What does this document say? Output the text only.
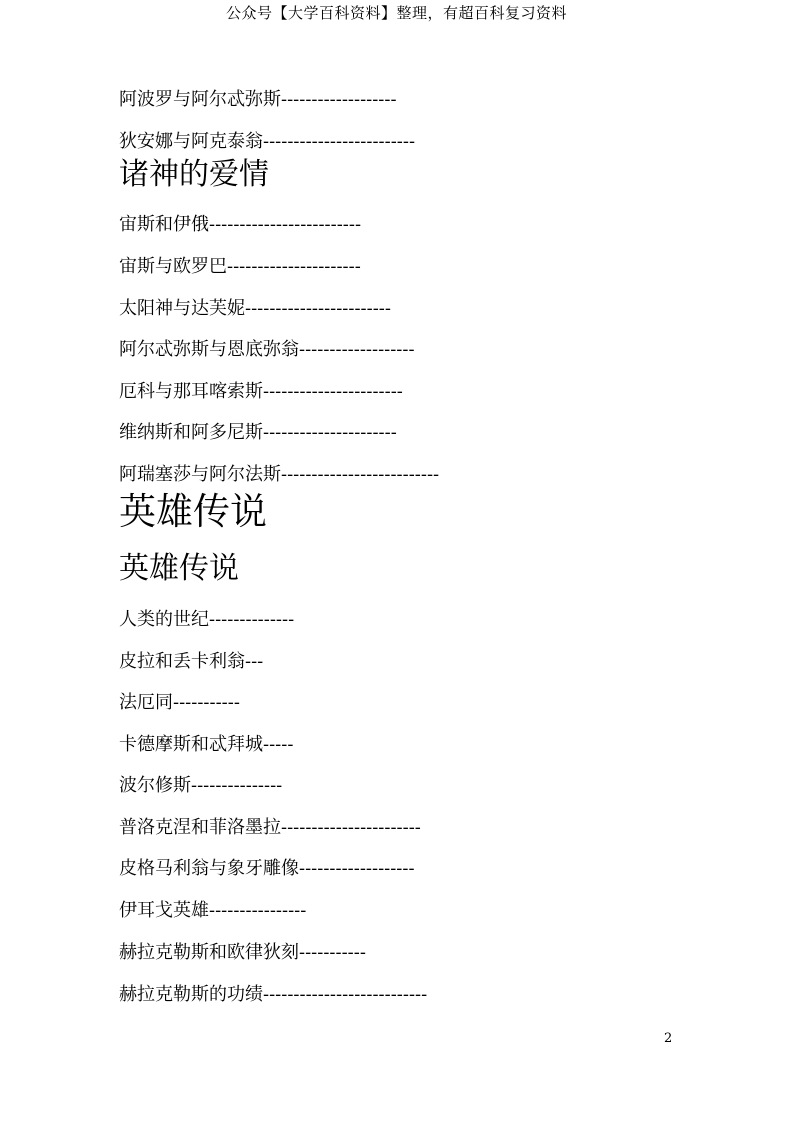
公众号【大学百科资料】整理，有超百科复习资料
阿波罗与阿尔忒弥斯-------------------
狄安娜与阿克泰翁-------------------------
诸神的爱情
宙斯和伊俄-------------------------
宙斯与欧罗巴----------------------
太阳神与达芙妮------------------------
阿尔忒弥斯与恩底弥翁-------------------
厄科与那耳喀索斯-----------------------
维纳斯和阿多尼斯----------------------
阿瑞塞莎与阿尔法斯--------------------------
英雄传说
英雄传说
人类的世纪--------------
皮拉和丢卡利翁---
法厄同-----------
卡德摩斯和忒拜城-----
波尔修斯---------------
普洛克涅和菲洛墨拉-----------------------
皮格马利翁与象牙雕像-------------------
伊耳戈英雄----------------
赫拉克勒斯和欧律狄刻-----------
赫拉克勒斯的功绩---------------------------
2
